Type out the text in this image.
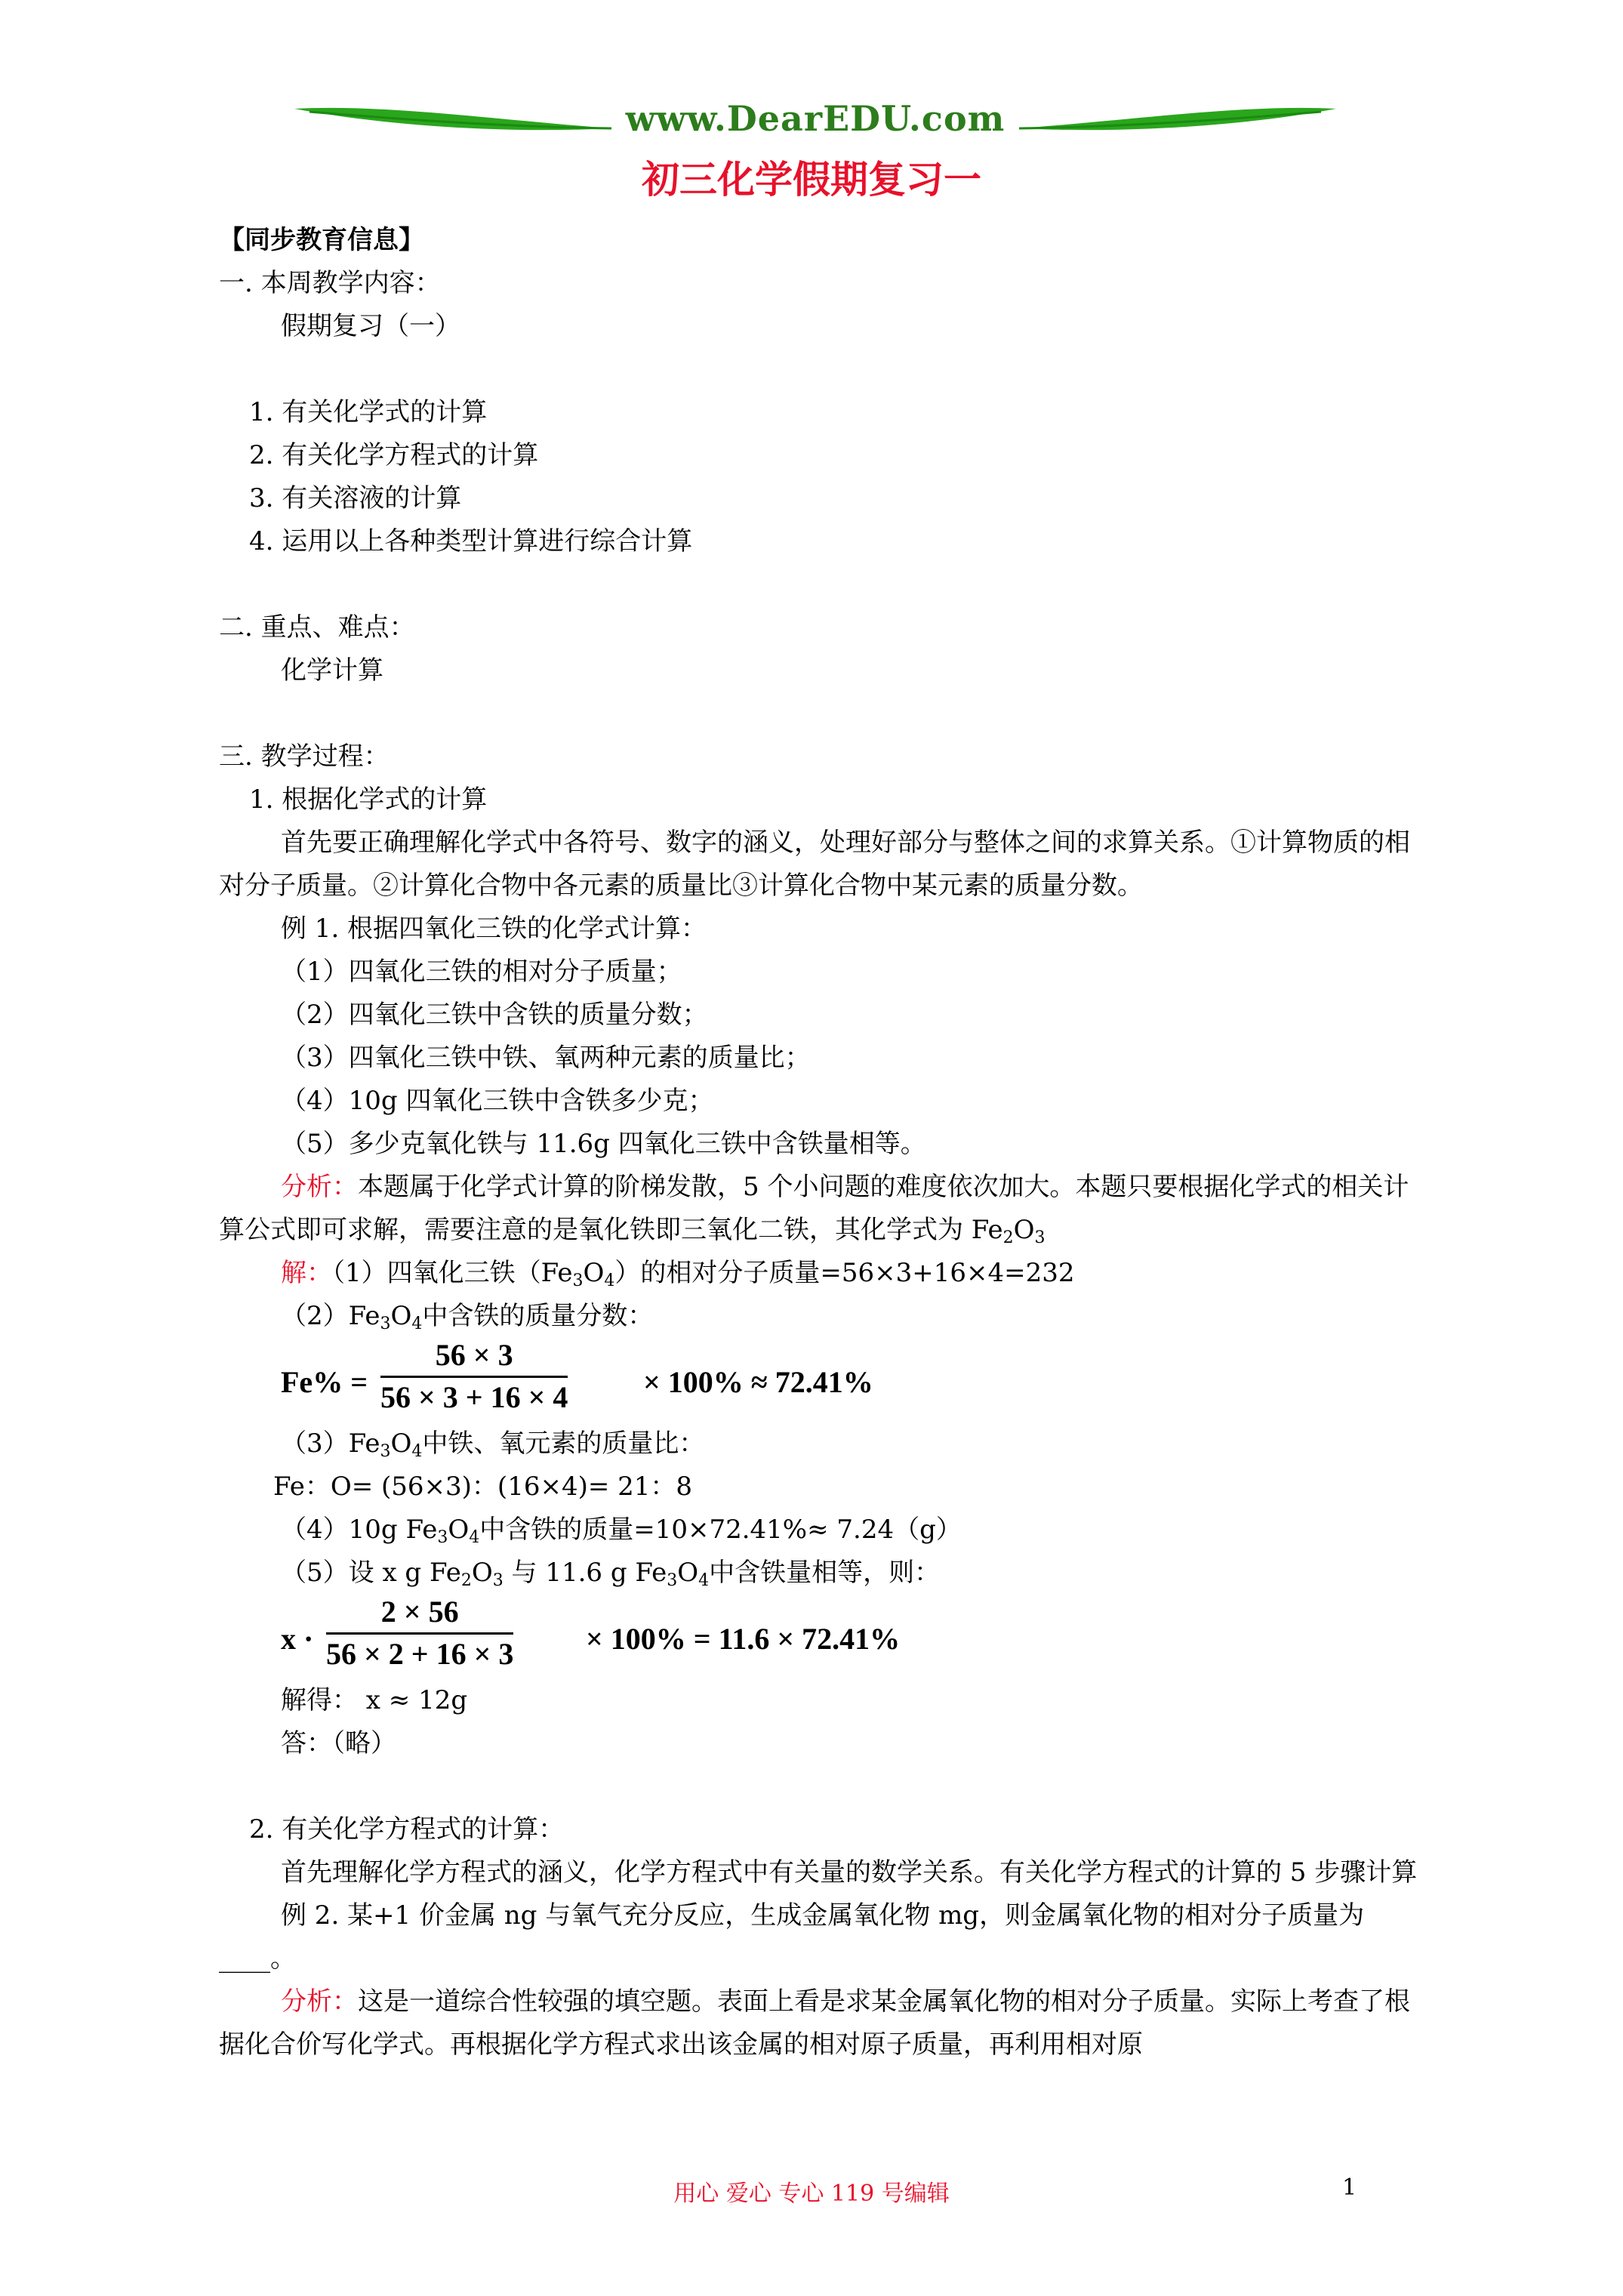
www.DearEDU.com
初三化学假期复习一
【同步教育信息】
一. 本周教学内容：
假期复习（一）
1. 有关化学式的计算
2. 有关化学方程式的计算
3. 有关溶液的计算
4. 运用以上各种类型计算进行综合计算
二. 重点、难点：
化学计算
三. 教学过程：
1. 根据化学式的计算
首先要正确理解化学式中各符号、数字的涵义，处理好部分与整体之间的求算关系。①计算物质的相对分子质量。②计算化合物中各元素的质量比③计算化合物中某元素的质量分数。
例 1. 根据四氧化三铁的化学式计算：
（1）四氧化三铁的相对分子质量；
（2）四氧化三铁中含铁的质量分数；
（3）四氧化三铁中铁、氧两种元素的质量比；
（4）10g 四氧化三铁中含铁多少克；
（5）多少克氧化铁与 11.6g 四氧化三铁中含铁量相等。
分析：本题属于化学式计算的阶梯发散，5 个小问题的难度依次加大。本题只要根据化学式的相关计算公式即可求解，需要注意的是氧化铁即三氧化二铁，其化学式为 $Fe_2O_3$
解：（1）四氧化三铁$(Fe_3O_4)$的相对分子质量=56×3+16×4=232
$(2)Fe_3O_4$中含铁的质量分数：
$Fe\% = \frac{56 \times 3}{56 \times 3 + 16 \times 4} \times 100\% \approx 72.41\%$
$(3)Fe_3O_4$中铁、氧元素的质量比：
Fe：O= (56×3)：(16×4)= 21：8
（4）10g $Fe_3O_4$中含铁的质量=10×72.41%≈ 7.24（g）
（5）设 x g $Fe_2O_3$ 与 11.6 g $Fe_3O_4$中含铁量相等，则：
$x \cdot \frac{2 \times 56}{56 \times 2 + 16 \times 3} \times 100\% = 11.6 \times 72.41\%$
解得： x ≈ 12g
答：（略）
2. 有关化学方程式的计算：
首先理解化学方程式的涵义，化学方程式中有关量的数学关系。有关化学方程式的计算的 5 步骤计算
例 2. 某+1 价金属 ng 与氧气充分反应，生成金属氧化物 mg，则金属氧化物的相对分子质量为____。
分析：这是一道综合性较强的填空题。表面上看是求某金属氧化物的相对分子质量。实际上考查了根据化合价写化学式。再根据化学方程式求出该金属的相对原子质量，再利用相对原
用心 爱心 专心 119 号编辑	1
